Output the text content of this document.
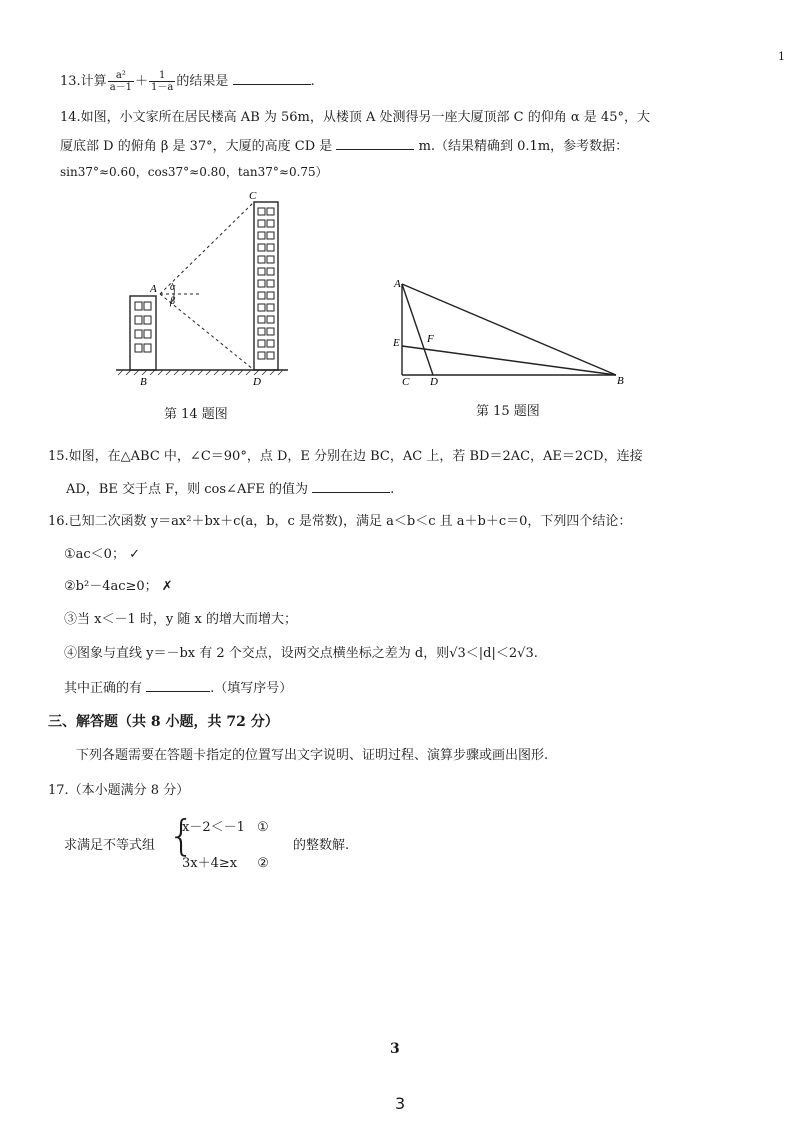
1
13.计算 $\frac{\text{a²}}{a-1} + \frac{1}{1-a}$ 的结果是	.
14.如图，小文家所在居民楼高 AB 为 56m，从楼顶 A 处测得另一座大厦顶部 C 的仰角 α 是 45°，大
厦底部 D 的俯角 β 是 37°，大厦的高度 CD 是	m.（结果精确到 0.1m，参考数据：
sin37°≈0.60，cos37°≈0.80，tan37°≈0.75）
A
B
C
D
α
β
第 14 题图
A
B
C D
E F
第 15 题图
15.如图，在△ABC 中，∠C＝90°，点 D，E 分别在边 BC，AC 上，若 BD＝2AC，AE＝2CD，连接
AD，BE 交于点 F，则 cos∠AFE 的值为	.
16.已知二次函数 y＝ax²＋bx＋c(a，b，c 是常数)，满足 a＜b＜c 且 a＋b＋c＝0，下列四个结论：
①ac＜0； ✓
②b²－4ac≥0； ✗
③当 x＜－1 时，y 随 x 的增大而增大；
④图象与直线 y＝－bx 有 2 个交点，设两交点横坐标之差为 d，则√3＜|d|＜2√3.
其中正确的有	.（填写序号）
三、解答题（共 8 小题，共 72 分）
下列各题需要在答题卡指定的位置写出文字说明、证明过程、演算步骤或画出图形.
17.（本小题满分 8 分）
求满足不等式组 {
x－2＜－1 ①
3x＋4≥x ②
的整数解.
3
3
